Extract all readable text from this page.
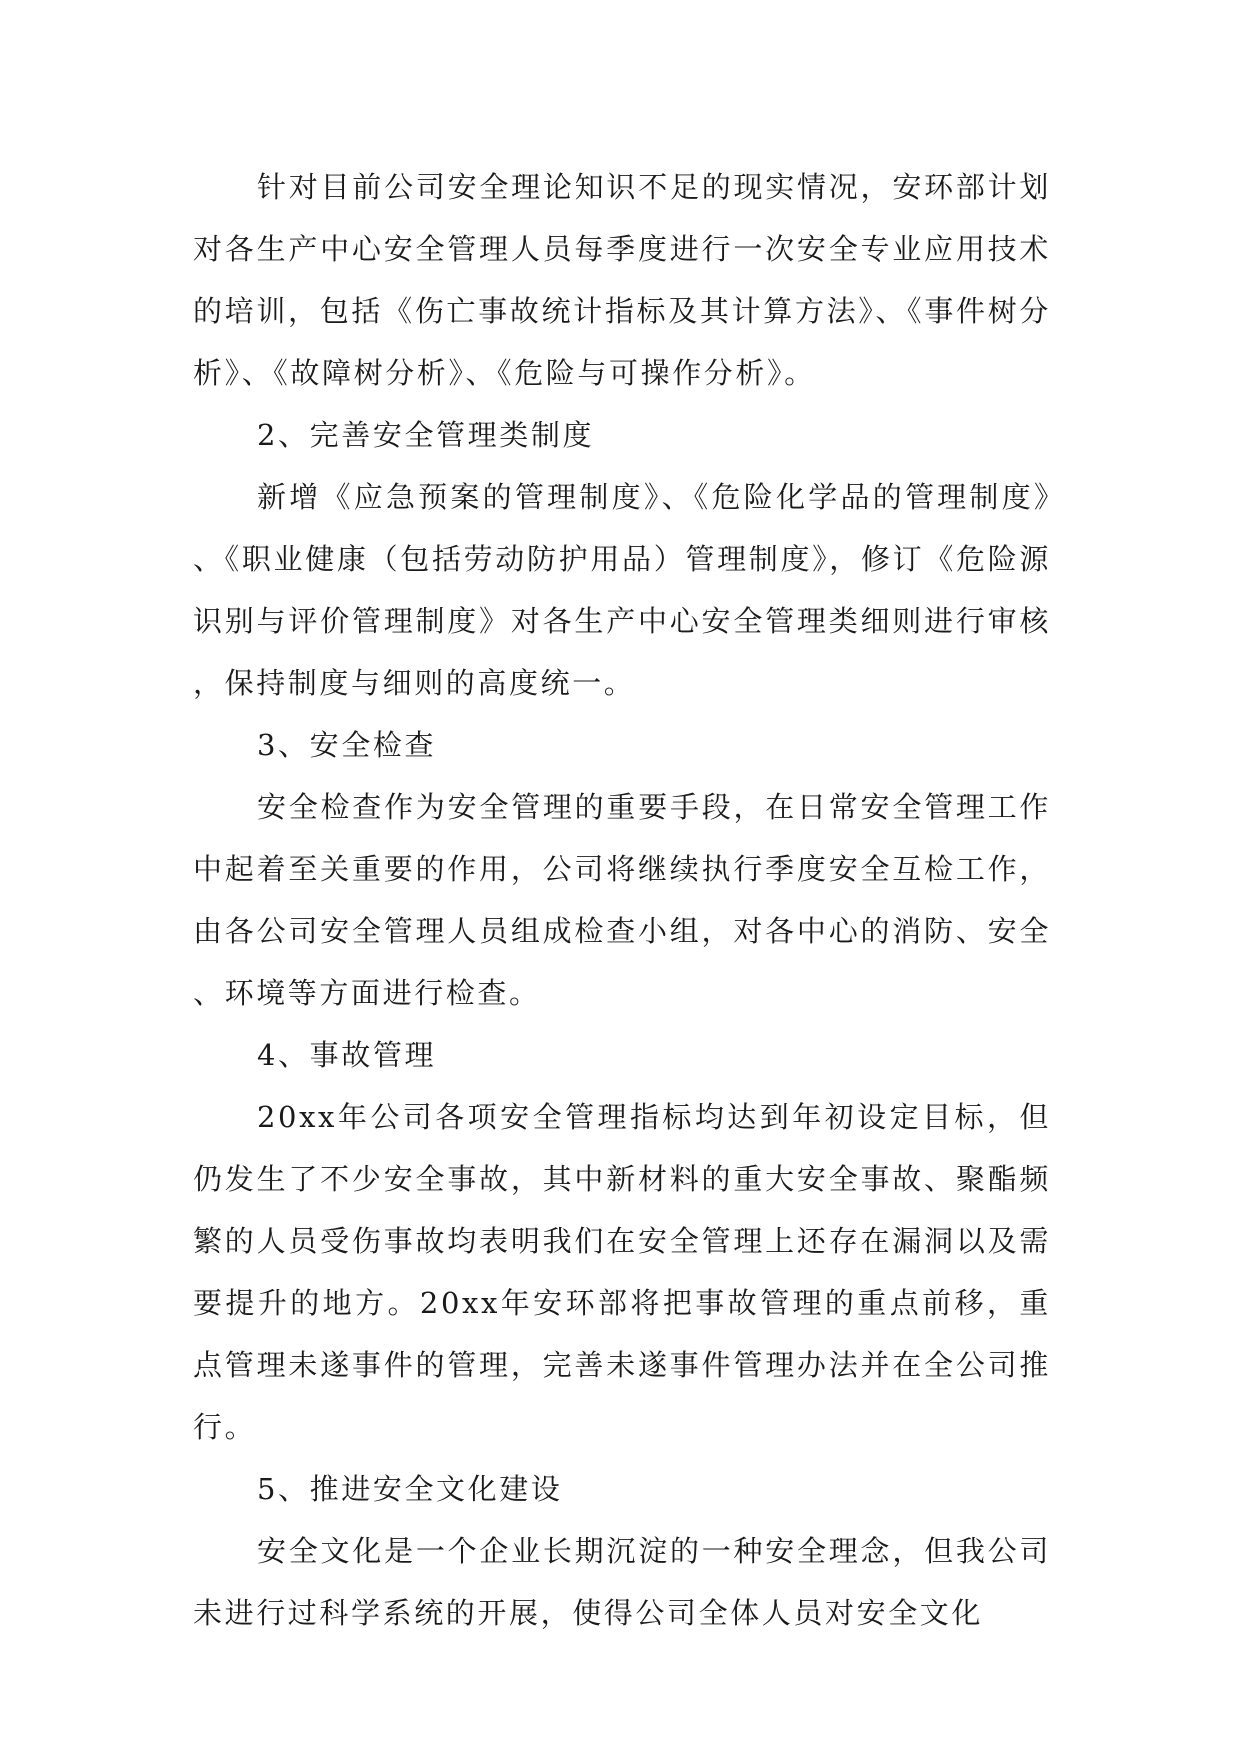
针对目前公司安全理论知识不足的现实情况，安环部计划对各生产中心安全管理人员每季度进行一次安全专业应用技术的培训，包括《伤亡事故统计指标及其计算方法》、《事件树分析》、《故障树分析》、《危险与可操作分析》。

2、完善安全管理类制度

新增《应急预案的管理制度》、《危险化学品的管理制度》、《职业健康（包括劳动防护用品）管理制度》，修订《危险源识别与评价管理制度》对各生产中心安全管理类细则进行审核，保持制度与细则的高度统一。

3、安全检查

安全检查作为安全管理的重要手段，在日常安全管理工作中起着至关重要的作用，公司将继续执行季度安全互检工作，由各公司安全管理人员组成检查小组，对各中心的消防、安全、环境等方面进行检查。

4、事故管理

20xx年公司各项安全管理指标均达到年初设定目标，但仍发生了不少安全事故，其中新材料的重大安全事故、聚酯频繁的人员受伤事故均表明我们在安全管理上还存在漏洞以及需要提升的地方。20xx年安环部将把事故管理的重点前移，重点管理未遂事件的管理，完善未遂事件管理办法并在全公司推行。

5、推进安全文化建设

安全文化是一个企业长期沉淀的一种安全理念，但我公司未进行过科学系统的开展，使得公司全体人员对安全文化
